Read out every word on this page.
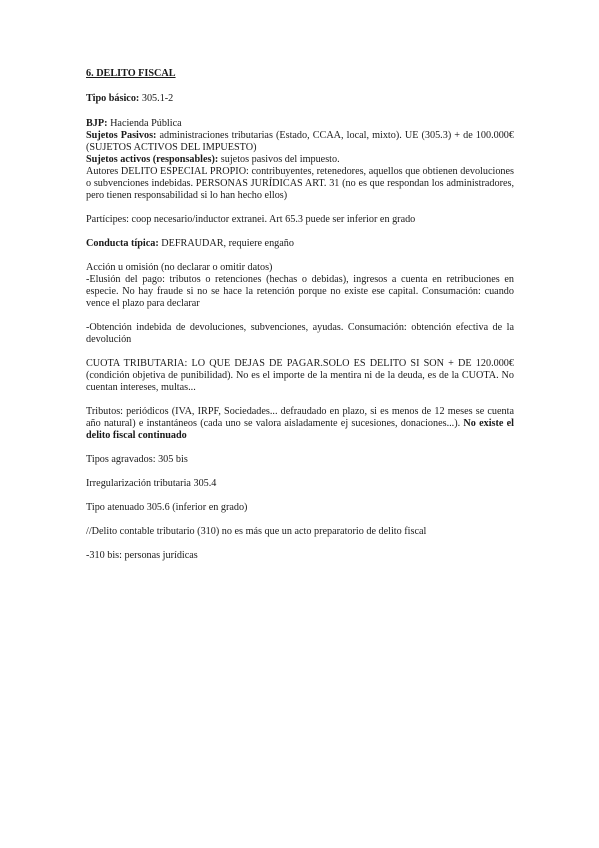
6. DELITO FISCAL

Tipo básico: 305.1-2

BJP: Hacienda Pública

Sujetos Pasivos: administraciones tributarias (Estado, CCAA, local, mixto). UE (305.3) + de 100.000€ (SUJETOS ACTIVOS DEL IMPUESTO)

Sujetos activos (responsables): sujetos pasivos del impuesto.

Autores DELITO ESPECIAL PROPIO: contribuyentes, retenedores, aquellos que obtienen devoluciones o subvenciones indebidas. PERSONAS JURÍDICAS ART. 31 (no es que respondan los administradores, pero tienen responsabilidad si lo han hecho ellos)

Partícipes: coop necesario/inductor extranei. Art 65.3 puede ser inferior en grado

Conducta típica: DEFRAUDAR, requiere engaño

Acción u omisión (no declarar o omitir datos)

-Elusión del pago: tributos o retenciones (hechas o debidas), ingresos a cuenta en retribuciones en especie. No hay fraude si no se hace la retención porque no existe ese capital. Consumación: cuando vence el plazo para declarar

-Obtención indebida de devoluciones, subvenciones, ayudas. Consumación: obtención efectiva de la devolución

CUOTA TRIBUTARIA: LO QUE DEJAS DE PAGAR.SOLO ES DELITO SI SON + DE 120.000€ (condición objetiva de punibilidad). No es el importe de la mentira ni de la deuda, es de la CUOTA. No cuentan intereses, multas...

Tributos: periódicos (IVA, IRPF, Sociedades... defraudado en plazo, si es menos de 12 meses se cuenta año natural) e instantáneos (cada uno se valora aisladamente ej sucesiones, donaciones...). No existe el delito fiscal continuado

Tipos agravados: 305 bis

Irregularización tributaria 305.4

Tipo atenuado 305.6 (inferior en grado)

//Delito contable tributario (310) no es más que un acto preparatorio de delito fiscal

-310 bis: personas jurídicas
